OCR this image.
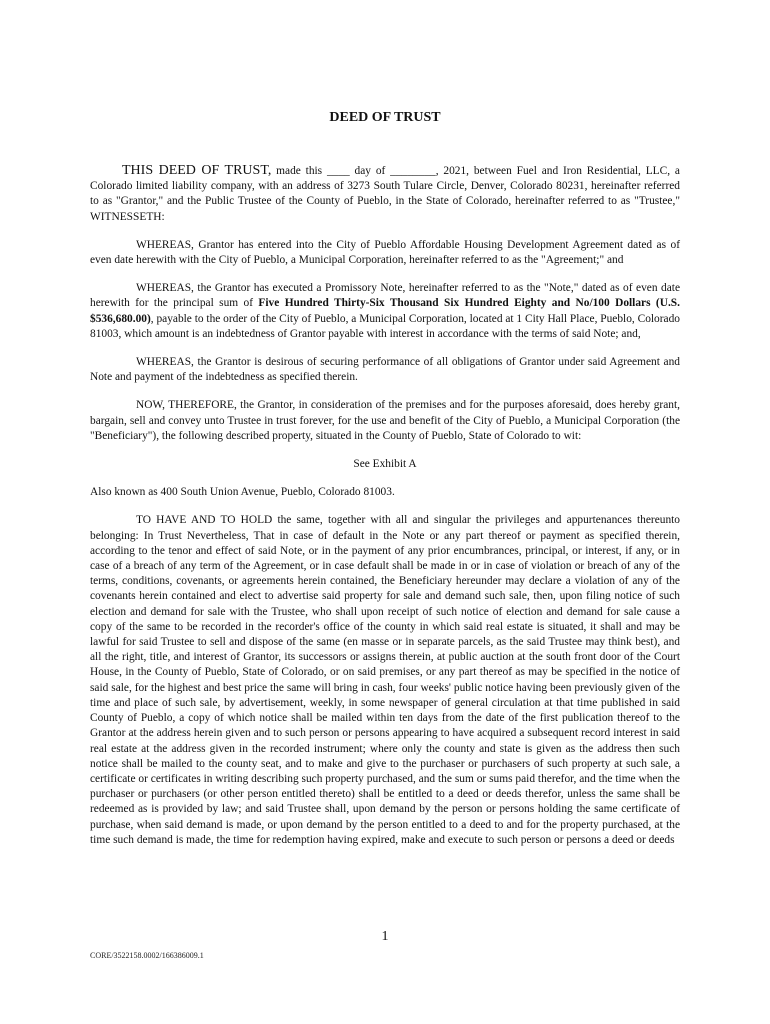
DEED OF TRUST

THIS DEED OF TRUST, made this ____ day of ________, 2021, between Fuel and Iron Residential, LLC, a Colorado limited liability company, with an address of 3273 South Tulare Circle, Denver, Colorado 80231, hereinafter referred to as "Grantor," and the Public Trustee of the County of Pueblo, in the State of Colorado, hereinafter referred to as "Trustee," WITNESSETH:

WHEREAS, Grantor has entered into the City of Pueblo Affordable Housing Development Agreement dated as of even date herewith with the City of Pueblo, a Municipal Corporation, hereinafter referred to as the "Agreement;" and

WHEREAS, the Grantor has executed a Promissory Note, hereinafter referred to as the "Note," dated as of even date herewith for the principal sum of Five Hundred Thirty-Six Thousand Six Hundred Eighty and No/100 Dollars (U.S. $536,680.00), payable to the order of the City of Pueblo, a Municipal Corporation, located at 1 City Hall Place, Pueblo, Colorado 81003, which amount is an indebtedness of Grantor payable with interest in accordance with the terms of said Note; and,

WHEREAS, the Grantor is desirous of securing performance of all obligations of Grantor under said Agreement and Note and payment of the indebtedness as specified therein.

NOW, THEREFORE, the Grantor, in consideration of the premises and for the purposes aforesaid, does hereby grant, bargain, sell and convey unto Trustee in trust forever, for the use and benefit of the City of Pueblo, a Municipal Corporation (the "Beneficiary"), the following described property, situated in the County of Pueblo, State of Colorado to wit:

See Exhibit A

Also known as 400 South Union Avenue, Pueblo, Colorado 81003.

TO HAVE AND TO HOLD the same, together with all and singular the privileges and appurtenances thereunto belonging: In Trust Nevertheless, That in case of default in the Note or any part thereof or payment as specified therein, according to the tenor and effect of said Note, or in the payment of any prior encumbrances, principal, or interest, if any, or in case of a breach of any term of the Agreement, or in case default shall be made in or in case of violation or breach of any of the terms, conditions, covenants, or agreements herein contained, the Beneficiary hereunder may declare a violation of any of the covenants herein contained and elect to advertise said property for sale and demand such sale, then, upon filing notice of such election and demand for sale with the Trustee, who shall upon receipt of such notice of election and demand for sale cause a copy of the same to be recorded in the recorder's office of the county in which said real estate is situated, it shall and may be lawful for said Trustee to sell and dispose of the same (en masse or in separate parcels, as the said Trustee may think best), and all the right, title, and interest of Grantor, its successors or assigns therein, at public auction at the south front door of the Court House, in the County of Pueblo, State of Colorado, or on said premises, or any part thereof as may be specified in the notice of said sale, for the highest and best price the same will bring in cash, four weeks' public notice having been previously given of the time and place of such sale, by advertisement, weekly, in some newspaper of general circulation at that time published in said County of Pueblo, a copy of which notice shall be mailed within ten days from the date of the first publication thereof to the Grantor at the address herein given and to such person or persons appearing to have acquired a subsequent record interest in said real estate at the address given in the recorded instrument; where only the county and state is given as the address then such notice shall be mailed to the county seat, and to make and give to the purchaser or purchasers of such property at such sale, a certificate or certificates in writing describing such property purchased, and the sum or sums paid therefor, and the time when the purchaser or purchasers (or other person entitled thereto) shall be entitled to a deed or deeds therefor, unless the same shall be redeemed as is provided by law; and said Trustee shall, upon demand by the person or persons holding the same certificate of purchase, when said demand is made, or upon demand by the person entitled to a deed to and for the property purchased, at the time such demand is made, the time for redemption having expired, make and execute to such person or persons a deed or deeds

1
CORE/3522158.0002/166386009.1
